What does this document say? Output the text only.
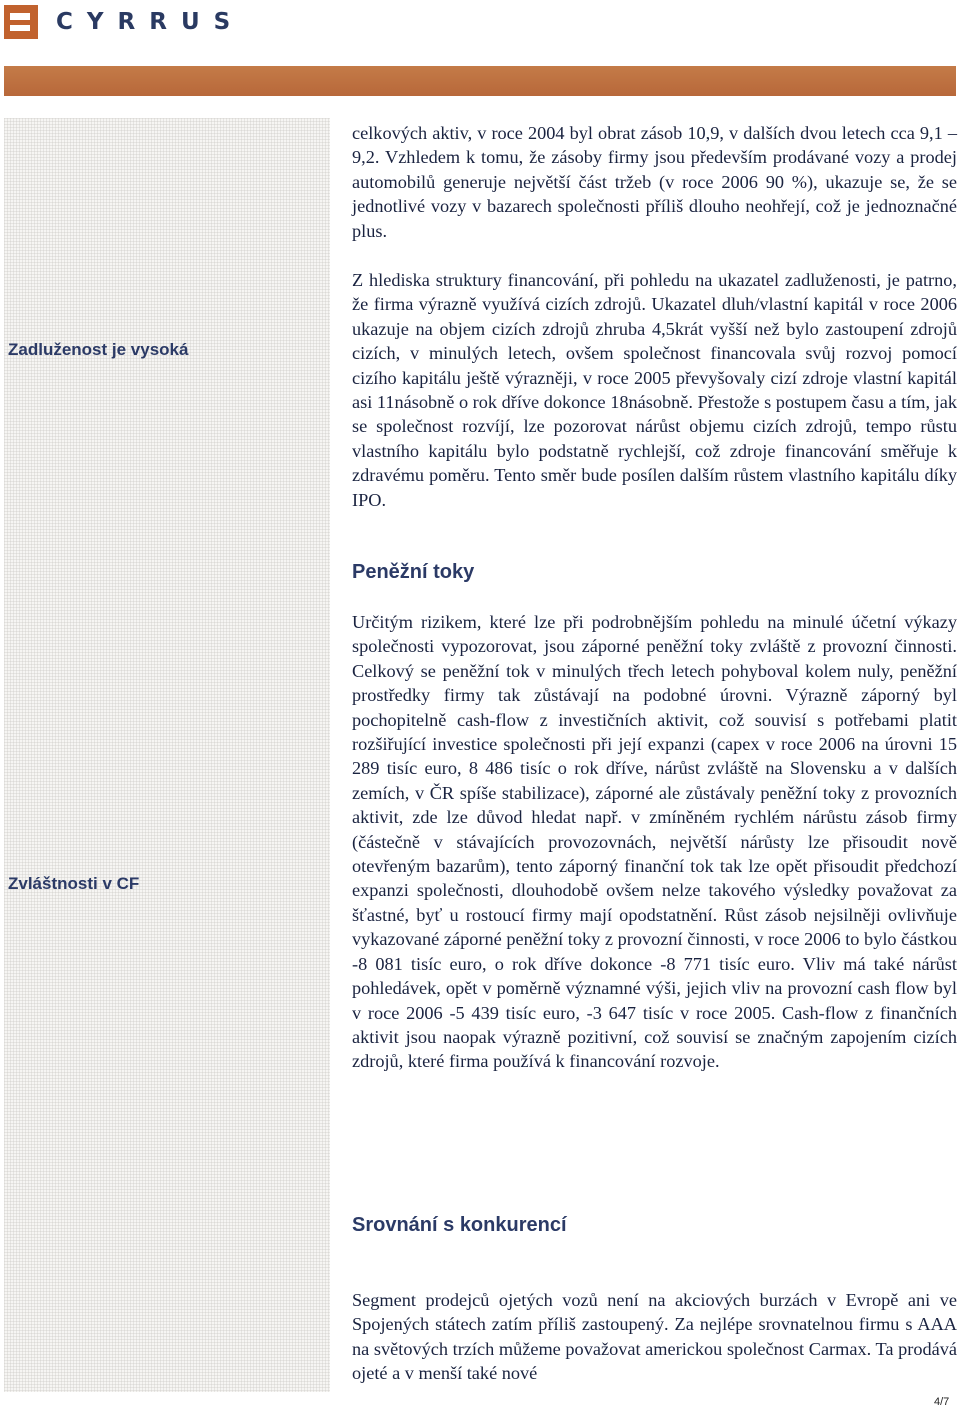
CYRRUS
Zadluženost je vysoká
Zvláštnosti v CF

celkových aktiv, v roce 2004 byl obrat zásob 10,9, v dalších dvou letech cca 9,1 – 9,2. Vzhledem k tomu, že zásoby firmy jsou především prodávané vozy a prodej automobilů generuje největší část tržeb (v roce 2006 90 %), ukazuje se, že se jednotlivé vozy v bazarech společnosti příliš dlouho neohřejí, což je jednoznačné plus.

Z hlediska struktury financování, při pohledu na ukazatel zadluženosti, je patrno, že firma výrazně využívá cizích zdrojů. Ukazatel dluh/vlastní kapitál v roce 2006 ukazuje na objem cizích zdrojů zhruba 4,5krát vyšší než bylo zastoupení zdrojů cizích, v minulých letech, ovšem společnost financovala svůj rozvoj pomocí cizího kapitálu ještě výrazněji, v roce 2005 převyšovaly cizí zdroje vlastní kapitál asi 11násobně o rok dříve dokonce 18násobně. Přestože s postupem času a tím, jak se společnost rozvíjí, lze pozorovat nárůst objemu cizích zdrojů, tempo růstu vlastního kapitálu bylo podstatně rychlejší, což zdroje financování směřuje k zdravému poměru. Tento směr bude posílen dalším růstem vlastního kapitálu díky IPO.

Peněžní toky

Určitým rizikem, které lze při podrobnějším pohledu na minulé účetní výkazy společnosti vypozorovat, jsou záporné peněžní toky zvláště z provozní činnosti. Celkový se peněžní tok v minulých třech letech pohyboval kolem nuly, peněžní prostředky firmy tak zůstávají na podobné úrovni. Výrazně záporný byl pochopitelně cash-flow z investičních aktivit, což souvisí s potřebami platit rozšiřující investice společnosti při její expanzi (capex v roce 2006 na úrovni 15 289 tisíc euro, 8 486 tisíc o rok dříve, nárůst zvláště na Slovensku a v dalších zemích, v ČR spíše stabilizace), záporné ale zůstávaly peněžní toky z provozních aktivit, zde lze důvod hledat např. v zmíněném rychlém nárůstu zásob firmy (částečně v stávajících provozovnách, největší nárůsty lze přisoudit nově otevřeným bazarům), tento záporný finanční tok tak lze opět přisoudit předchozí expanzi společnosti, dlouhodobě ovšem nelze takového výsledky považovat za šťastné, byť u rostoucí firmy mají opodstatnění. Růst zásob nejsilněji ovlivňuje vykazované záporné peněžní toky z provozní činnosti, v roce 2006 to bylo částkou -8 081 tisíc euro, o rok dříve dokonce -8 771 tisíc euro. Vliv má také nárůst pohledávek, opět v poměrně významné výši, jejich vliv na provozní cash flow byl v roce 2006 -5 439 tisíc euro, -3 647 tisíc v roce 2005. Cash-flow z finančních aktivit jsou naopak výrazně pozitivní, což souvisí se značným zapojením cizích zdrojů, které firma používá k financování rozvoje.

Srovnání s konkurencí

Segment prodejců ojetých vozů není na akciových burzách v Evropě ani ve Spojených státech zatím příliš zastoupený. Za nejlépe srovnatelnou firmu s AAA na světových trzích můžeme považovat americkou společnost Carmax. Ta prodává ojeté a v menší také nové

4/7
